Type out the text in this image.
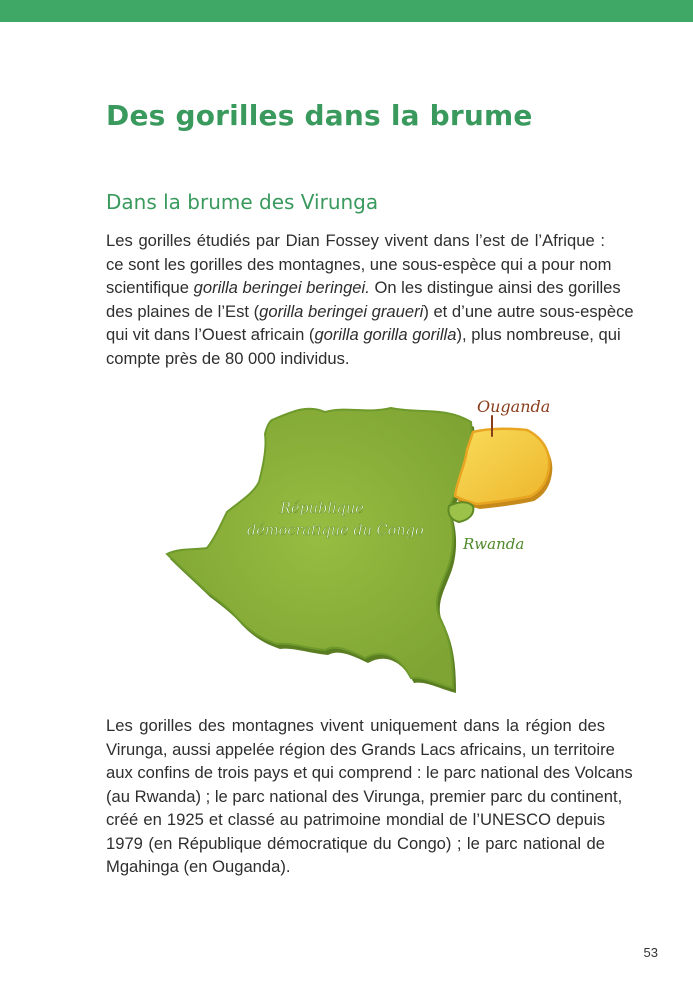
Des gorilles dans la brume
Dans la brume des Virunga

Les gorilles étudiés par Dian Fossey vivent dans l’est de l’Afrique :
ce sont les gorilles des montagnes, une sous-espèce qui a pour nom
scientifique gorilla beringei beringei. On les distingue ainsi des gorilles
des plaines de l’Est (gorilla beringei graueri) et d’une autre sous-espèce
qui vit dans l’Ouest africain (gorilla gorilla gorilla), plus nombreuse, qui
compte près de 80 000 individus.

Ouganda
République
démocratique du Congo
Rwanda

Les gorilles des montagnes vivent uniquement dans la région des
Virunga, aussi appelée région des Grands Lacs africains, un territoire
aux confins de trois pays et qui comprend : le parc national des Volcans
(au Rwanda) ; le parc national des Virunga, premier parc du continent,
créé en 1925 et classé au patrimoine mondial de l’UNESCO depuis
1979 (en République démocratique du Congo) ; le parc national de
Mgahinga (en Ouganda).

53
